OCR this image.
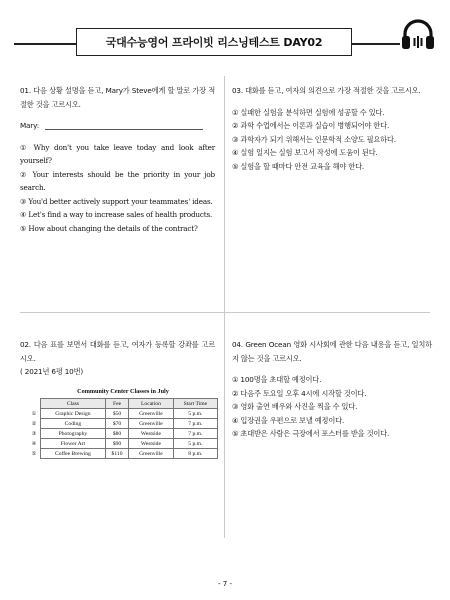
국대수능영어 프라이빗 리스닝테스트 DAY02

01. 다음 상황 설명을 듣고, Mary가 Steve에게 할 말로 가장 적절한 것을 고르시오.

Mary:

① Why don't you take leave today and look after yourself?

② Your interests should be the priority in your job search.

③ You'd better actively support your teammates' ideas.

④ Let's find a way to increase sales of health products.

⑤ How about changing the details of the contract?

03. 대화를 듣고, 여자의 의견으로 가장 적절한 것을 고르시오.

① 실패한 실험을 분석하면 실험에 성공할 수 있다.

② 과학 수업에서는 이론과 실습이 병행되어야 한다.

③ 과학자가 되기 위해서는 인문학적 소양도 필요하다.

④ 실험 일지는 실험 보고서 작성에 도움이 된다.

⑤ 실험을 할 때마다 안전 교육을 해야 한다.

02. 다음 표를 보면서 대화를 듣고, 여자가 등록할 강좌를 고르시오.

( 2021년 6평 10번)

Community Center Classes in July
	Class	Fee	Location	Start Time
①	Graphic Design	$50	Greenville	5 p.m.
②	Coding	$70	Greenville	7 p.m.
③	Photography	$80	Westside	7 p.m.
④	Flower Art	$90	Westside	5 p.m.
⑤	Coffee Brewing	$110	Greenville	8 p.m.

04. Green Ocean 영화 시사회에 관한 다음 내용을 듣고, 일치하지 않는 것을 고르시오.

① 100명을 초대할 예정이다.

② 다음주 토요일 오후 4시에 시작할 것이다.

③ 영화 출연 배우와 사진을 찍을 수 있다.

④ 입장권을 우편으로 보낼 예정이다.

⑤ 초대받은 사람은 극장에서 포스터를 받을 것이다.

- 7 -
